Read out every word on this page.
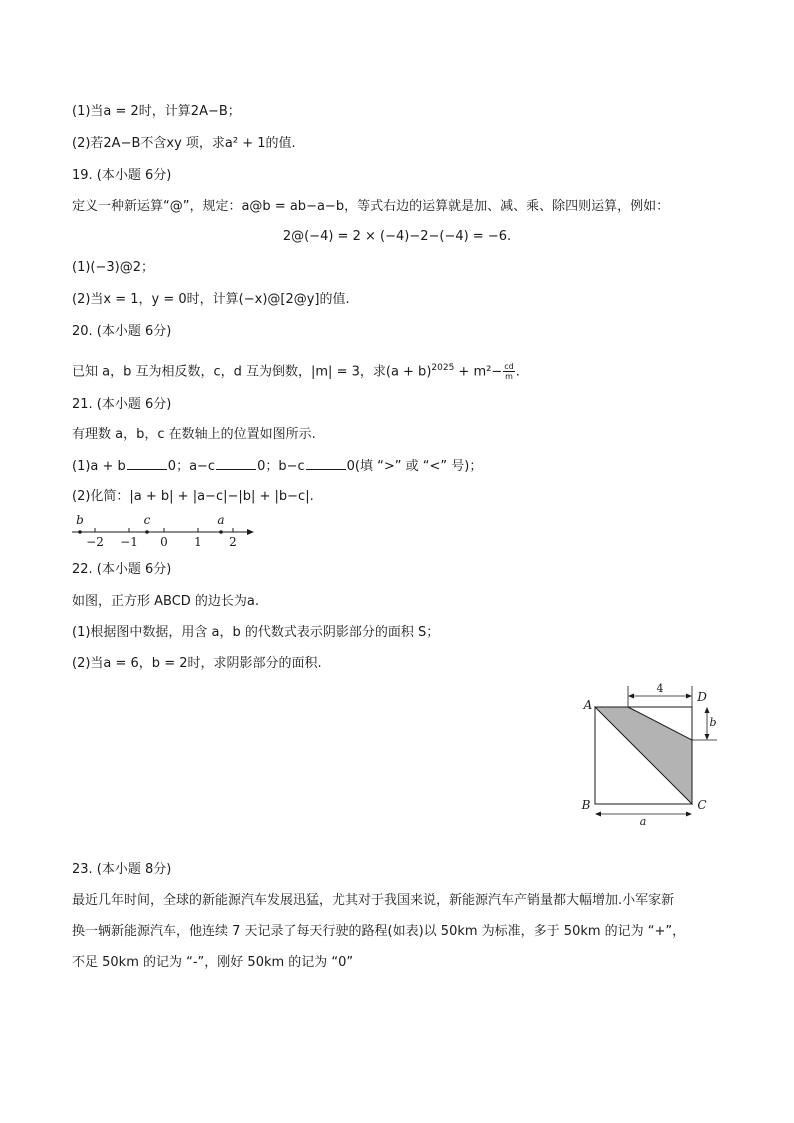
(1)当a = 2时，计算2A−B；
(2)若2A−B不含xy 项，求a² + 1的值.
19. (本小题 6分)
定义一种新运算“@”，规定：a@b = ab−a−b，等式右边的运算就是加、减、乘、除四则运算，例如：
2@(−4) = 2 × (−4)−2−(−4) = −6.
(1)(−3)@2；
(2)当x = 1，y = 0时，计算(−x)@[2@y]的值.
20. (本小题 6分)
已知 a，b 互为相反数，c，d 互为倒数，|m| = 3，求$(a + b)^{2025} + m^2- \frac{cd}{m}$ .
21. (本小题 6分)
有理数 a，b，c 在数轴上的位置如图所示.
(1)a + b	0；a−c	0；b−c	0(填 “>” 或 “<” 号)；
(2)化简：|a + b| + |a−c|−|b| + |b−c|.
b	c	a
−2 −1 0 1 2
22. (本小题 6分)
如图，正方形 ABCD 的边长为a.
(1)根据图中数据，用含 a，b 的代数式表示阴影部分的面积 S；
(2)当a = 6，b = 2时，求阴影部分的面积.
4
b
a
A
B	C
D
23. (本小题 8分)
最近几年时间，全球的新能源汽车发展迅猛，尤其对于我国来说，新能源汽车产销量都大幅增加.小军家新
换一辆新能源汽车，他连续 7 天记录了每天行驶的路程(如表)以 50km 为标准，多于 50km 的记为 “+”，
不足 50km 的记为 “-”，刚好 50km 的记为 “0”
